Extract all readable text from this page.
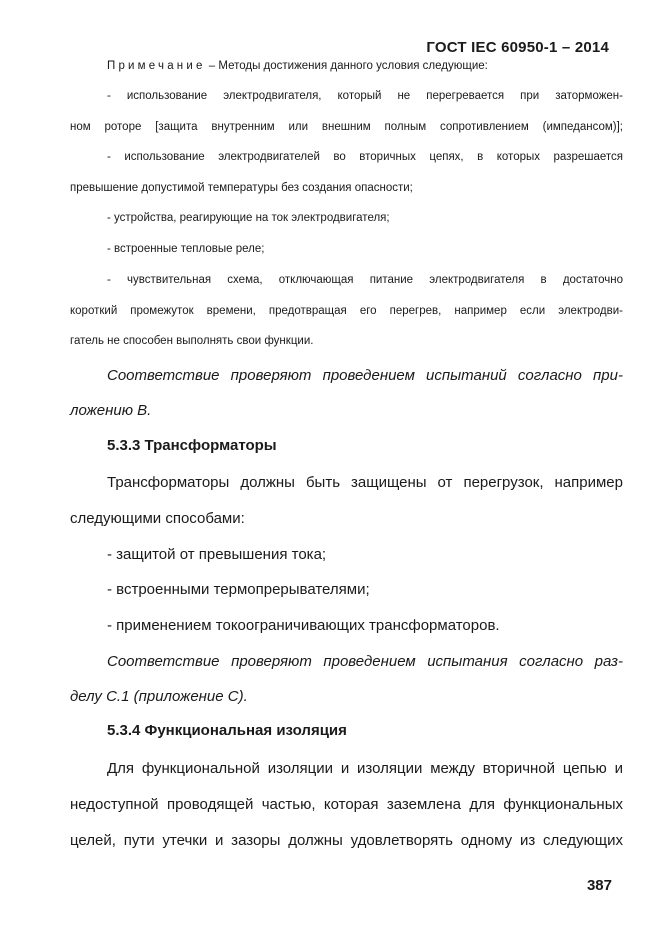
ГОСТ IEC 60950-1 – 2014
Примечание – Методы достижения данного условия следующие:
- использование электродвигателя, который не перегревается при заторможен-
ном роторе [защита внутренним или внешним полным сопротивлением (импедансом)];
- использование электродвигателей во вторичных цепях, в которых разрешается
превышение допустимой температуры без создания опасности;
- устройства, реагирующие на ток электродвигателя;
- встроенные тепловые реле;
- чувствительная схема, отключающая питание электродвигателя в достаточно
короткий промежуток времени, предотвращая его перегрев, например если электродви-
гатель не способен выполнять свои функции.
Соответствие проверяют проведением испытаний согласно при-
ложению B.
5.3.3 Трансформаторы
Трансформаторы должны быть защищены от перегрузок, например
следующими способами:
- защитой от превышения тока;
- встроенными термопрерывателями;
- применением токоограничивающих трансформаторов.
Соответствие проверяют проведением испытания согласно раз-
делу С.1 (приложение С).
5.3.4 Функциональная изоляция
Для функциональной изоляции и изоляции между вторичной цепью и
недоступной проводящей частью, которая заземлена для функциональных
целей, пути утечки и зазоры должны удовлетворять одному из следующих
387
